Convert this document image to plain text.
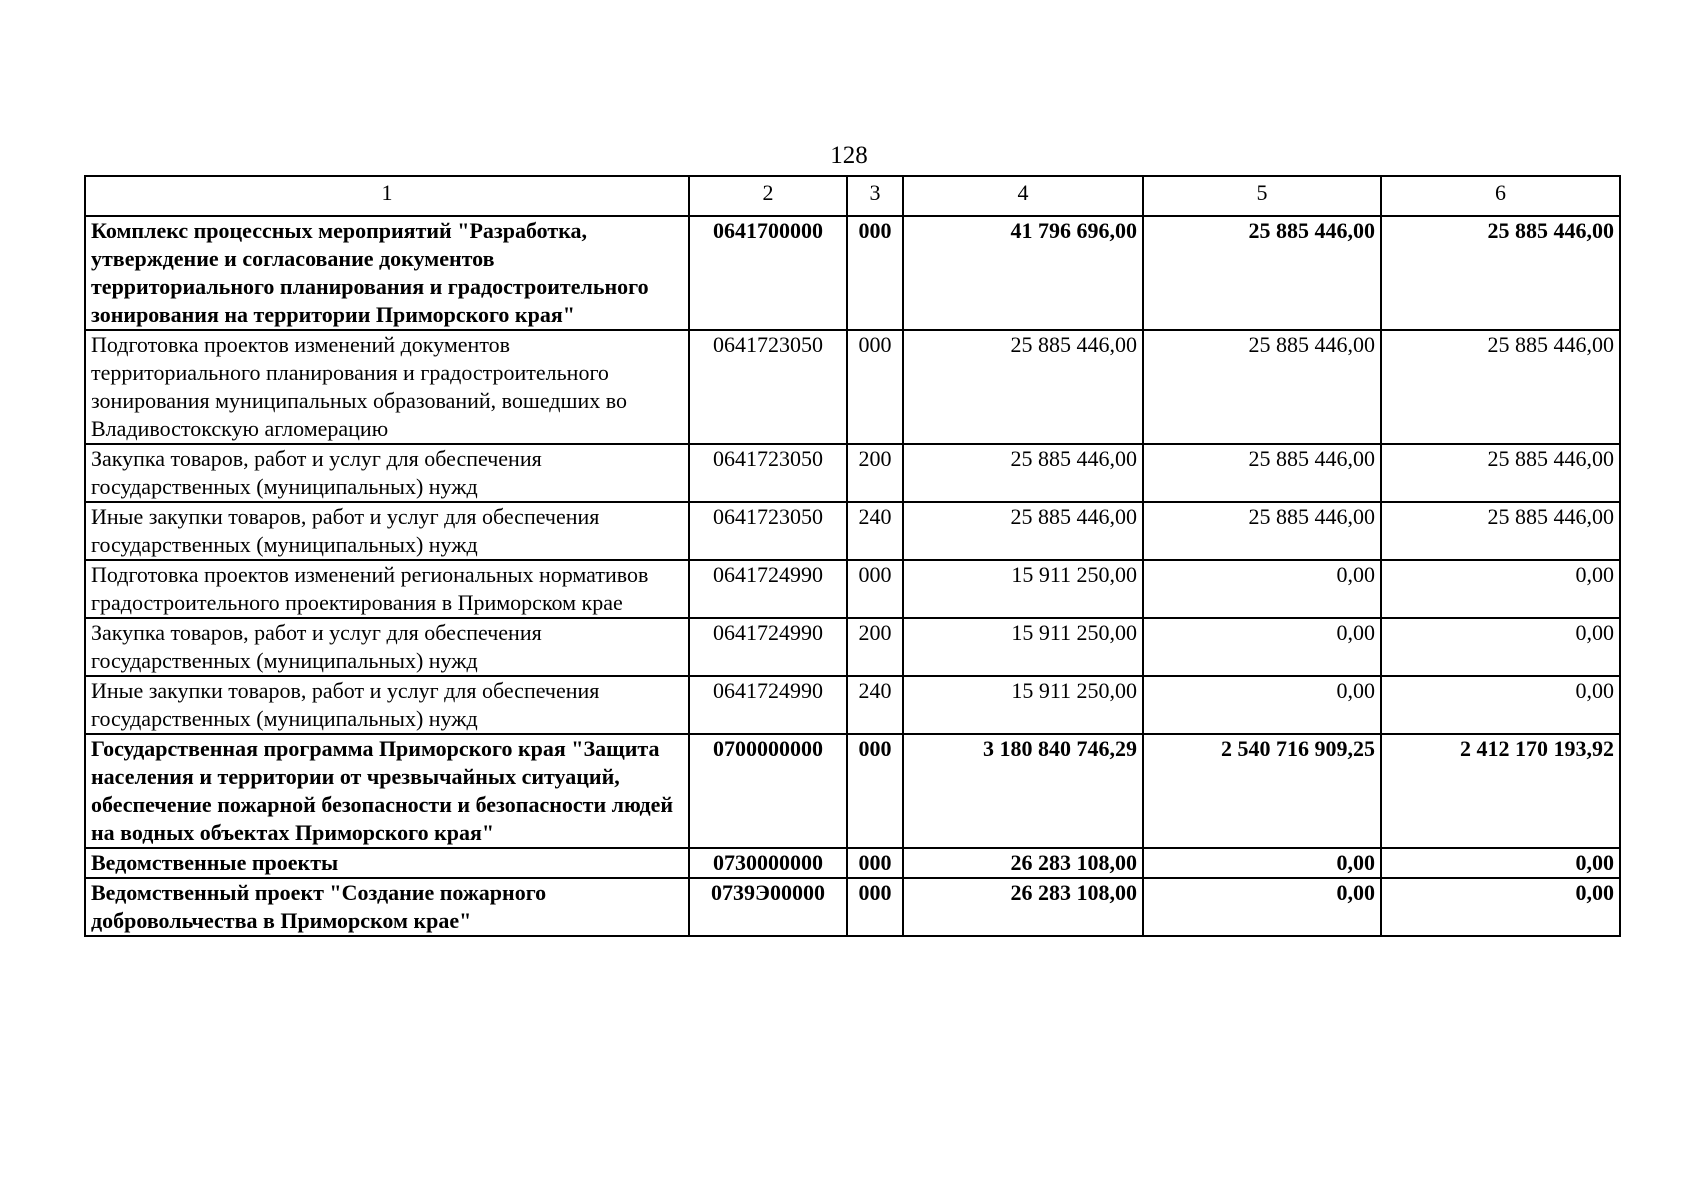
128
1	2	3	4	5	6
Комплекс процессных мероприятий "Разработка, утверждение и согласование документов территориального планирования и градостроительного зонирования на территории Приморского края"	0641700000	000	41 796 696,00	25 885 446,00	25 885 446,00
Подготовка проектов изменений документов территориального планирования и градостроительного зонирования муниципальных образований, вошедших во Владивостокскую агломерацию	0641723050	000	25 885 446,00	25 885 446,00	25 885 446,00
Закупка товаров, работ и услуг для обеспечения государственных (муниципальных) нужд	0641723050	200	25 885 446,00	25 885 446,00	25 885 446,00
Иные закупки товаров, работ и услуг для обеспечения государственных (муниципальных) нужд	0641723050	240	25 885 446,00	25 885 446,00	25 885 446,00
Подготовка проектов изменений региональных нормативов градостроительного проектирования в Приморском крае	0641724990	000	15 911 250,00	0,00	0,00
Закупка товаров, работ и услуг для обеспечения государственных (муниципальных) нужд	0641724990	200	15 911 250,00	0,00	0,00
Иные закупки товаров, работ и услуг для обеспечения государственных (муниципальных) нужд	0641724990	240	15 911 250,00	0,00	0,00
Государственная программа Приморского края "Защита населения и территории от чрезвычайных ситуаций, обеспечение пожарной безопасности и безопасности людей на водных объектах Приморского края"	0700000000	000	3 180 840 746,29	2 540 716 909,25	2 412 170 193,92
Ведомственные проекты	0730000000	000	26 283 108,00	0,00	0,00
Ведомственный проект "Создание пожарного добровольчества в Приморском крае"	0739Э00000	000	26 283 108,00	0,00	0,00
